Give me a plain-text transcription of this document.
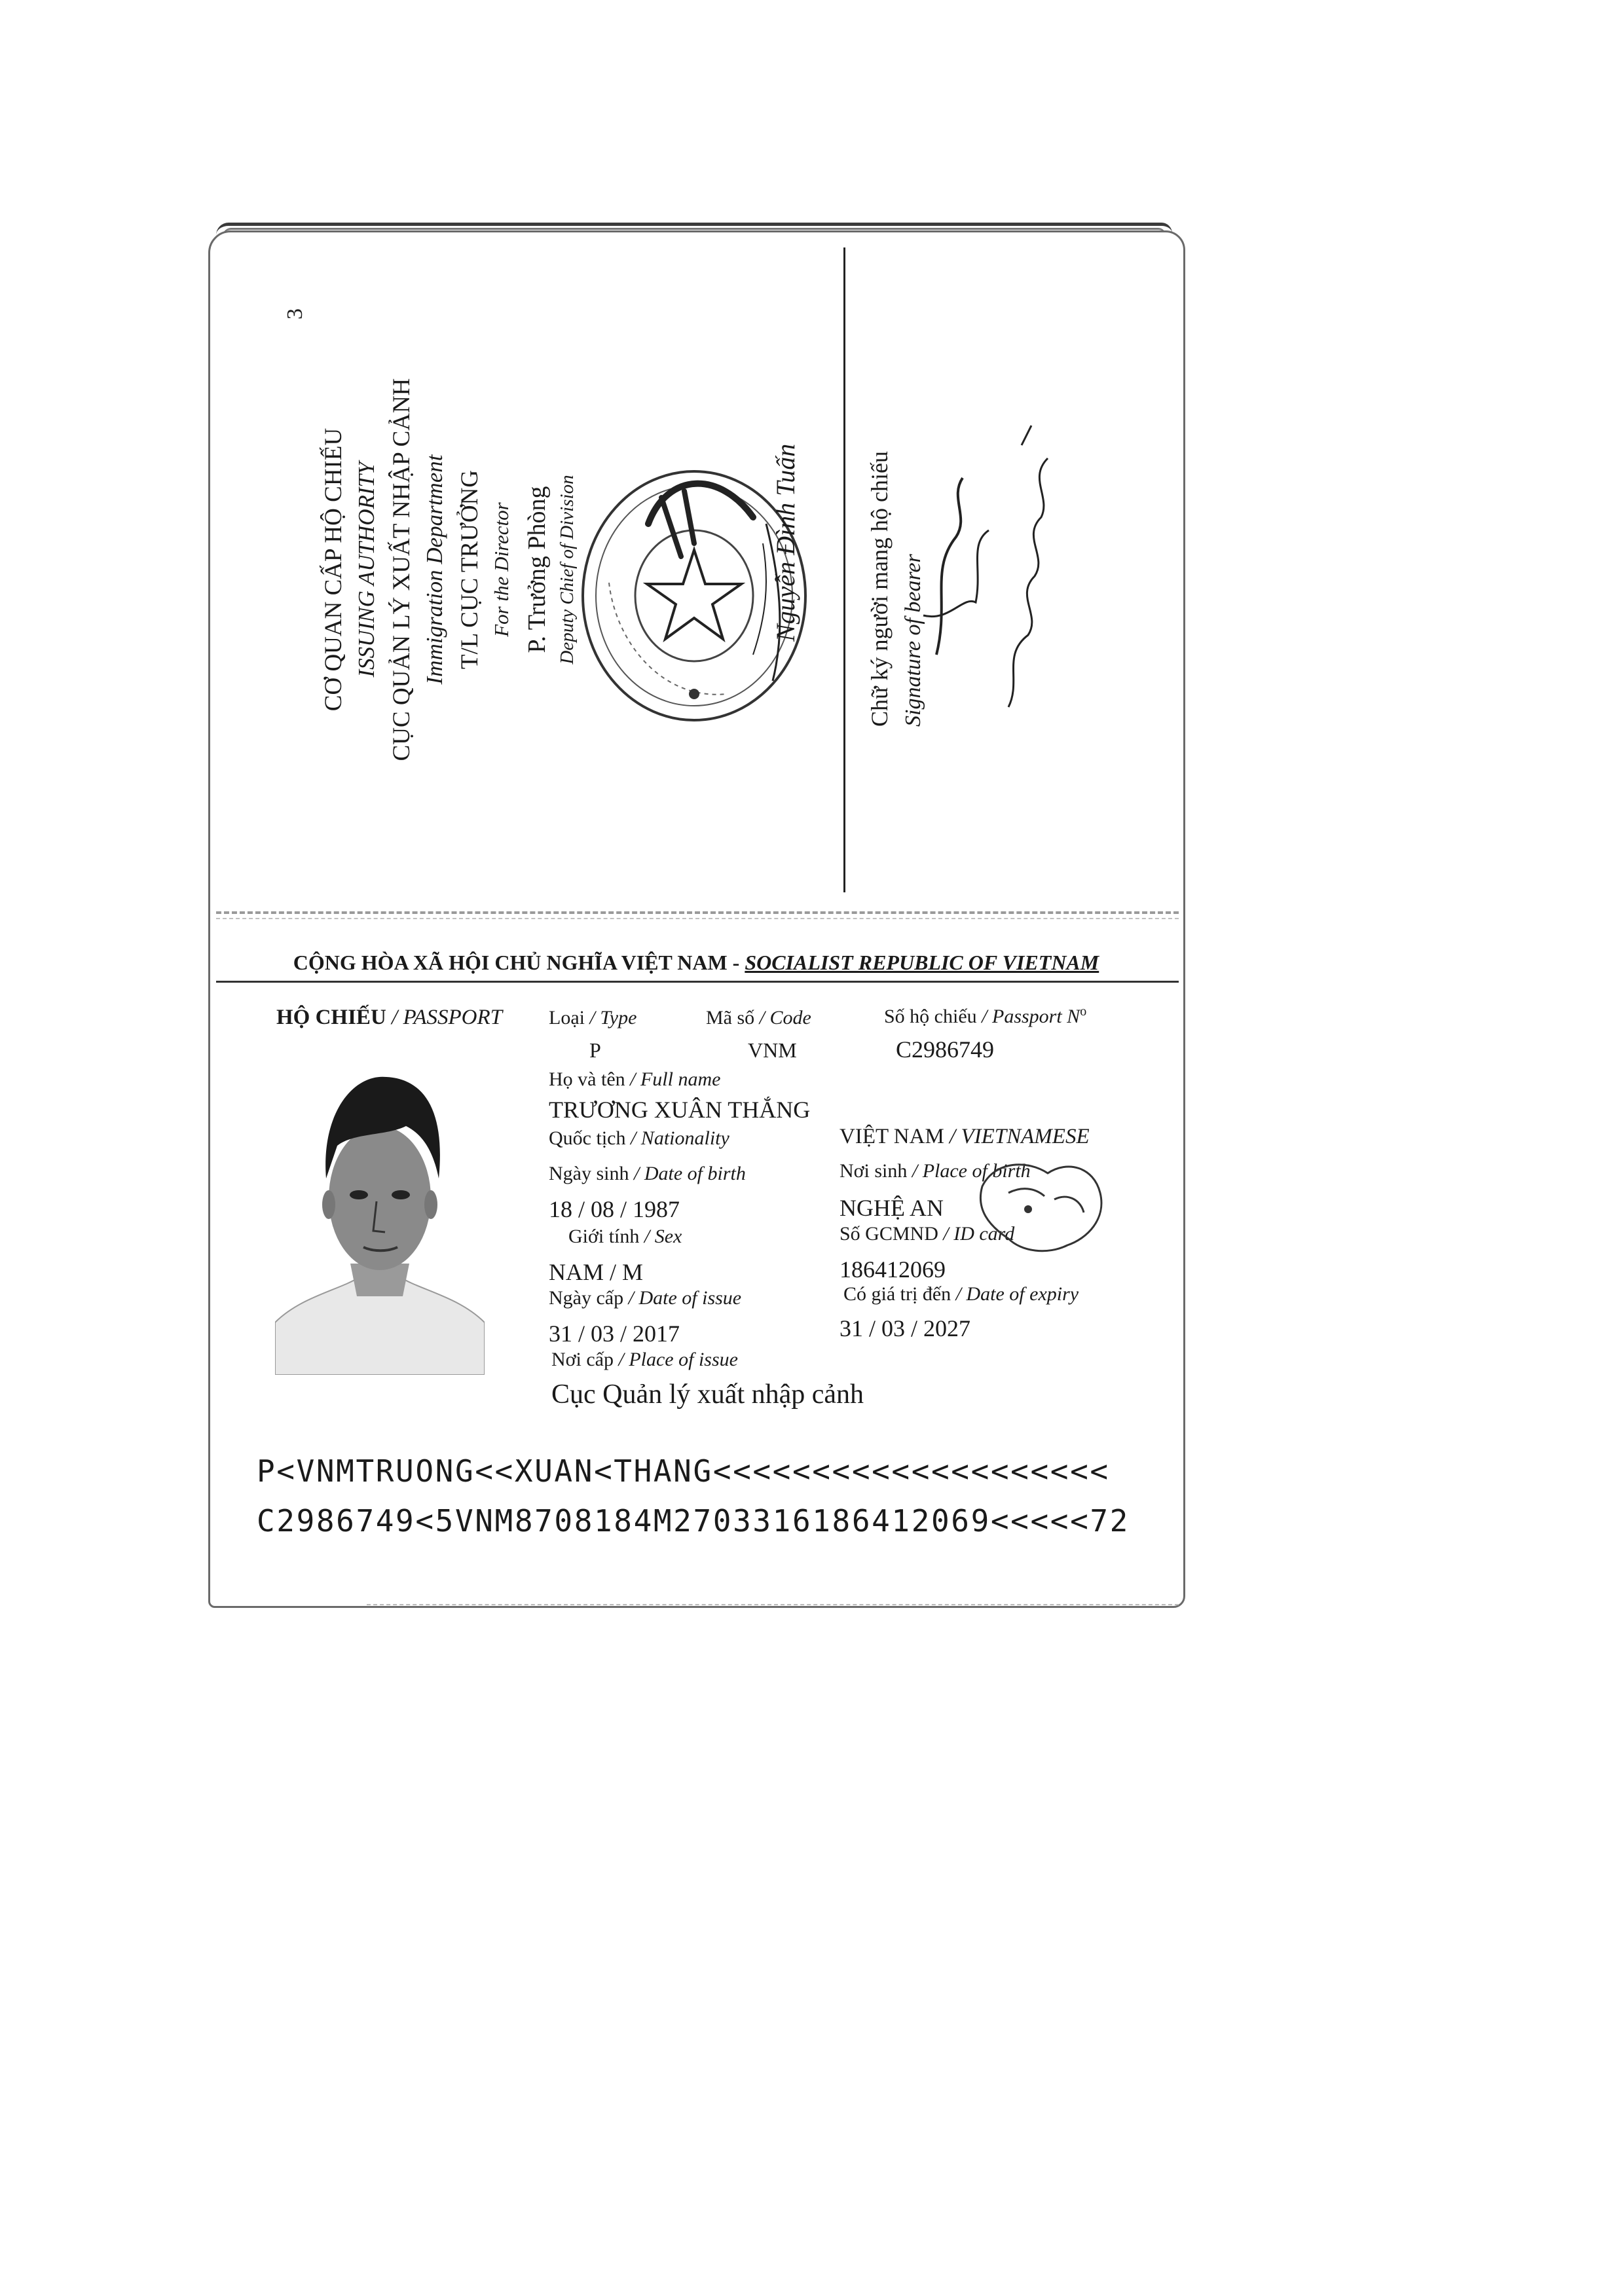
3
CƠ QUAN CẤP HỘ CHIẾU ISSUING AUTHORITY CỤC QUẢN LÝ XUẤT NHẬP CẢNH Immigration Department T/L CỤC TRƯỞNG For the Director P. Trưởng Phòng Deputy Chief of Division	Nguyễn Đình Tuấn	Chữ ký người mang hộ chiếu Signature of bearer
CỘNG HÒA XÃ HỘI CHỦ NGHĨA VIỆT NAM - SOCIALIST REPUBLIC OF VIETNAM
HỘ CHIẾU / PASSPORT Loại / Type	Mã số / Code	Số hộ chiếu / Passport $N^o$
P	VNM	C2986749
Họ và tên / Full name
TRƯƠNG XUÂN THẮNG
Quốc tịch / Nationality	VIỆT NAM / VIETNAMESE
Ngày sinh / Date of birth	Nơi sinh / Place of birth
18 / 08 / 1987	NGHỆ AN
Giới tính / Sex	Số GCMND / ID card
NAM / M	186412069
Ngày cấp / Date of issue	Có giá trị đến / Date of expiry
31 / 03 / 2017	31 / 03 / 2027
Nơi cấp / Place of issue
Cục Quản lý xuất nhập cảnh
P<VNMTRUONG<<XUAN<THANG<<<<<<<<<<<<<<<<<<<<
C2986749<5VNM8708184M2703316186412069<<<<<72
